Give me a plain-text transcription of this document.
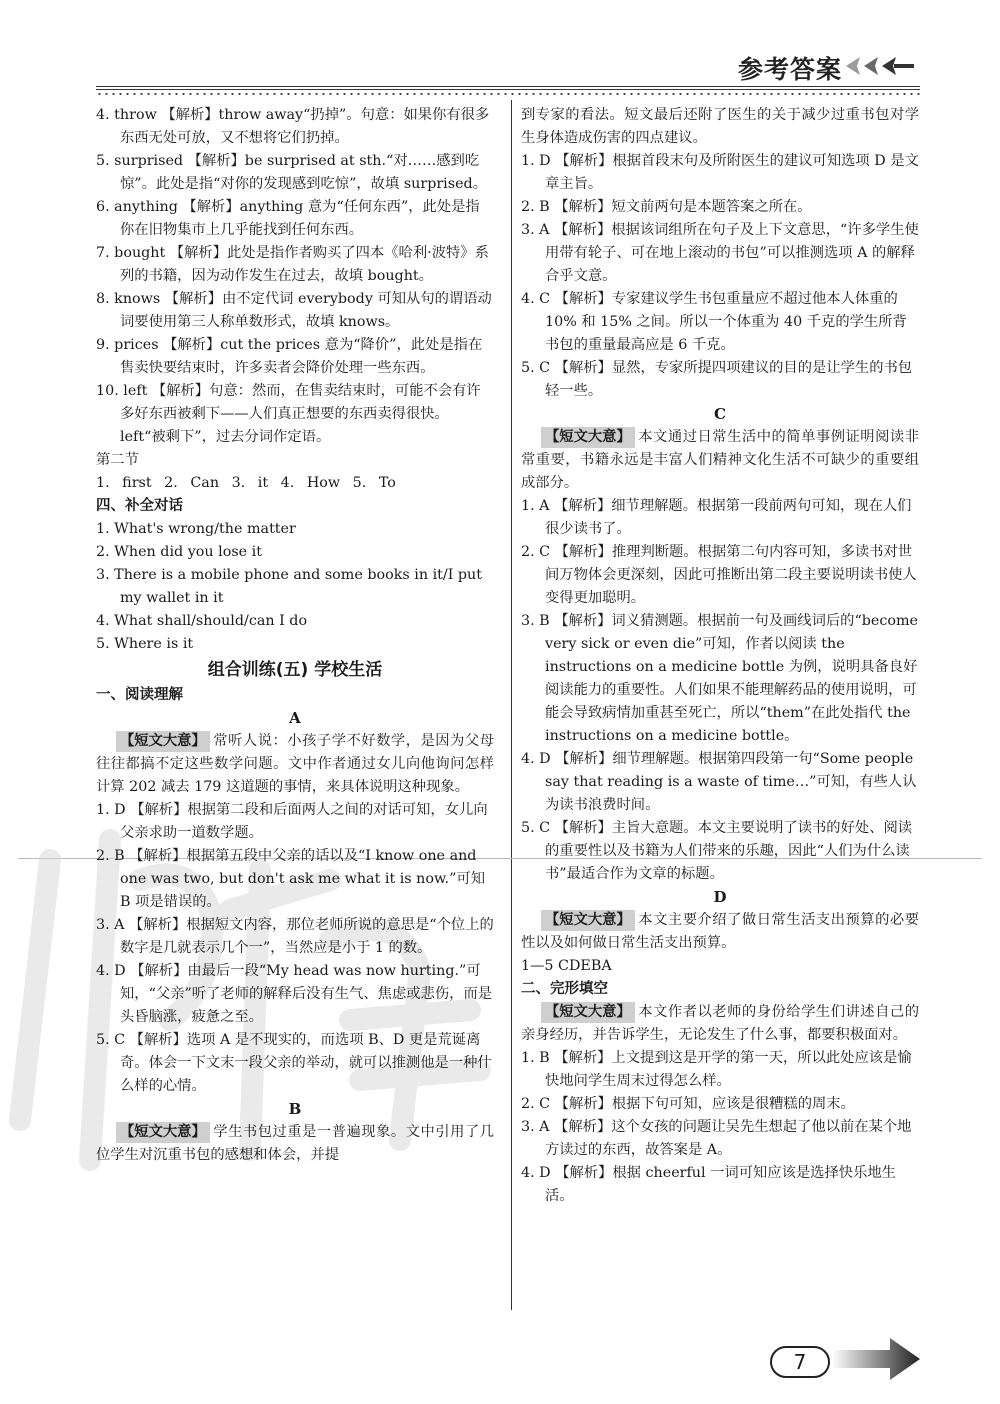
参考答案

4. throw 【解析】throw away“扔掉”。句意：如果你有很多东西无处可放，又不想将它们扔掉。

5. surprised 【解析】be surprised at sth.“对……感到吃惊”。此处是指“对你的发现感到吃惊”，故填 surprised。

6. anything 【解析】anything 意为“任何东西”，此处是指你在旧物集市上几乎能找到任何东西。

7. bought 【解析】此处是指作者购买了四本《哈利·波特》系列的书籍，因为动作发生在过去，故填 bought。

8. knows 【解析】由不定代词 everybody 可知从句的谓语动词要使用第三人称单数形式，故填 knows。

9. prices 【解析】cut the prices 意为“降价”，此处是指在售卖快要结束时，许多卖者会降价处理一些东西。

10. left 【解析】句意：然而，在售卖结束时，可能不会有许多好东西被剩下——人们真正想要的东西卖得很快。left“被剩下”，过去分词作定语。

第二节

1. first 2. Can 3. it 4. How 5. To

四、补全对话

1. What's wrong/the matter

2. When did you lose it

3. There is a mobile phone and some books in it/I put my wallet in it

4. What shall/should/can I do

5. Where is it

组合训练(五) 学校生活

一、阅读理解

A

【短文大意】 常听人说：小孩子学不好数学，是因为父母往往都搞不定这些数学问题。文中作者通过女儿向他询问怎样计算 202 减去 179 这道题的事情，来具体说明这种现象。

1. D 【解析】根据第二段和后面两人之间的对话可知，女儿向父亲求助一道数学题。

2. B 【解析】根据第五段中父亲的话以及“I know one and one was two, but don't ask me what it is now.”可知 B 项是错误的。

3. A 【解析】根据短文内容，那位老师所说的意思是“个位上的数字是几就表示几个一”，当然应是小于 1 的数。

4. D 【解析】由最后一段“My head was now hurting.”可知，“父亲”听了老师的解释后没有生气、焦虑或悲伤，而是头昏脑涨，疲惫之至。

5. C 【解析】选项 A 是不现实的，而选项 B、D 更是荒诞离奇。体会一下文末一段父亲的举动，就可以推测他是一种什么样的心情。

B

【短文大意】 学生书包过重是一普遍现象。文中引用了几位学生对沉重书包的感想和体会，并提

到专家的看法。短文最后还附了医生的关于减少过重书包对学生身体造成伤害的四点建议。

1. D 【解析】根据首段末句及所附医生的建议可知选项 D 是文章主旨。

2. B 【解析】短文前两句是本题答案之所在。

3. A 【解析】根据该词组所在句子及上下文意思，“许多学生使用带有轮子、可在地上滚动的书包”可以推测选项 A 的解释合乎文意。

4. C 【解析】专家建议学生书包重量应不超过他本人体重的 10% 和 15% 之间。所以一个体重为 40 千克的学生所背书包的重量最高应是 6 千克。

5. C 【解析】显然，专家所提四项建议的目的是让学生的书包轻一些。

C

【短文大意】 本文通过日常生活中的简单事例证明阅读非常重要，书籍永远是丰富人们精神文化生活不可缺少的重要组成部分。

1. A 【解析】细节理解题。根据第一段前两句可知，现在人们很少读书了。

2. C 【解析】推理判断题。根据第二句内容可知，多读书对世间万物体会更深刻，因此可推断出第二段主要说明读书使人变得更加聪明。

3. B 【解析】词义猜测题。根据前一句及画线词后的“become very sick or even die”可知，作者以阅读 the instructions on a medicine bottle 为例，说明具备良好阅读能力的重要性。人们如果不能理解药品的使用说明，可能会导致病情加重甚至死亡，所以“them”在此处指代 the instructions on a medicine bottle。

4. D 【解析】细节理解题。根据第四段第一句“Some people say that reading is a waste of time…”可知，有些人认为读书浪费时间。

5. C 【解析】主旨大意题。本文主要说明了读书的好处、阅读的重要性以及书籍为人们带来的乐趣，因此“人们为什么读书”最适合作为文章的标题。

D

【短文大意】 本文主要介绍了做日常生活支出预算的必要性以及如何做日常生活支出预算。

1—5 CDEBA

二、完形填空

【短文大意】 本文作者以老师的身份给学生们讲述自己的亲身经历，并告诉学生，无论发生了什么事，都要积极面对。

1. B 【解析】上文提到这是开学的第一天，所以此处应该是愉快地问学生周末过得怎么样。

2. C 【解析】根据下句可知，应该是很糟糕的周末。

3. A 【解析】这个女孩的问题让吴先生想起了他以前在某个地方读过的东西，故答案是 A。

4. D 【解析】根据 cheerful 一词可知应该是选择快乐地生活。

7
